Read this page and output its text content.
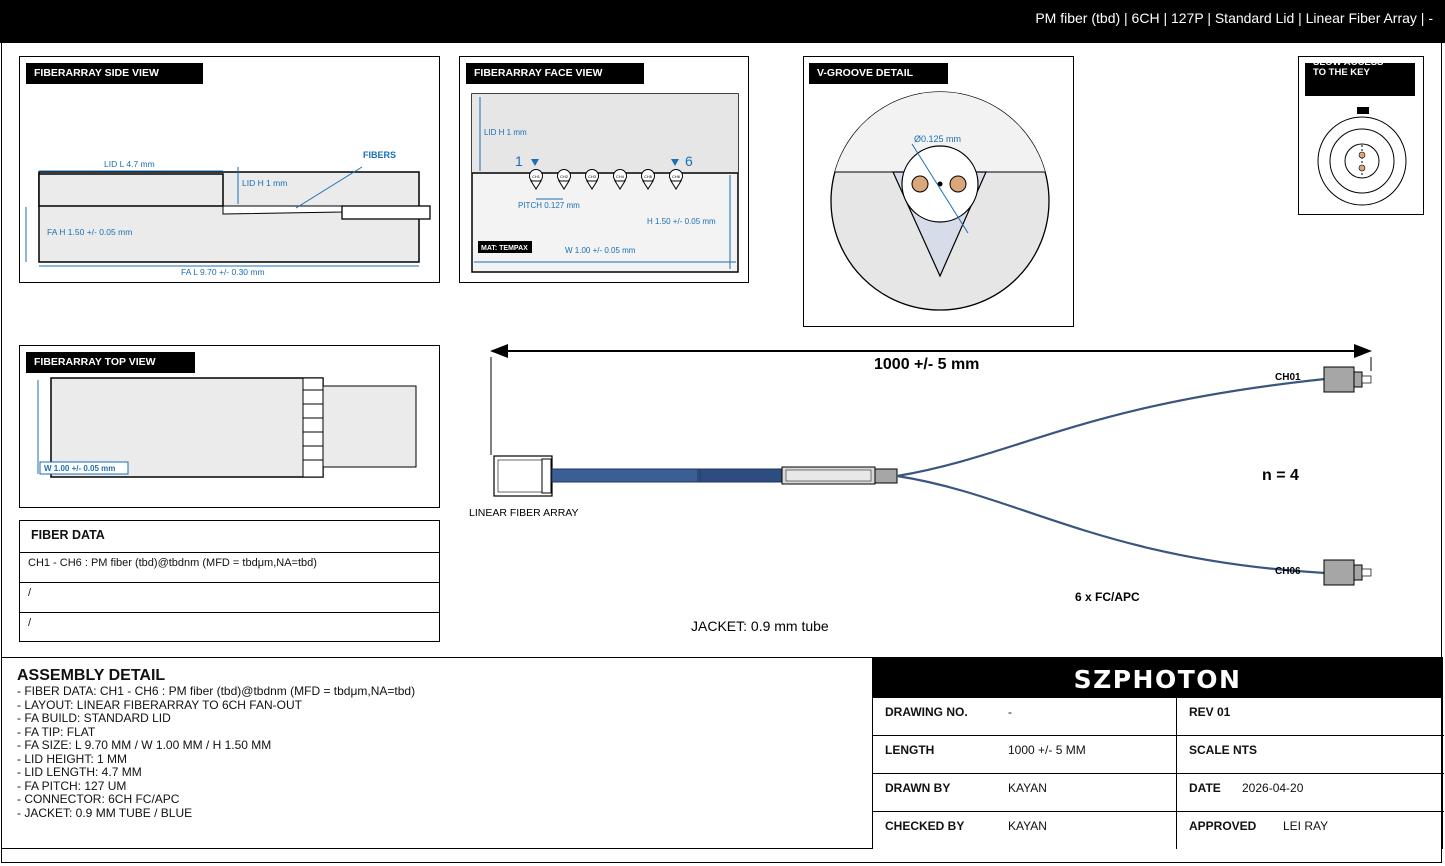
PM fiber (tbd) | 6CH | 127P | Standard Lid | Linear Fiber Array | -
FIBERARRAY SIDE VIEW
LID L 4.7 mm
LID H 1 mm
FIBERS
FA H 1.50 +/- 0.05 mm
FA L 9.70 +/- 0.30 mm
FIBERARRAY FACE VIEW
LID H 1 mm
1	6
CH1	CH2	CH3	CH4	CH5	CH6
PITCH 0.127 mm
H 1.50 +/- 0.05 mm
MAT: TEMPAX	W 1.00 +/- 0.05 mm
V-GROOVE DETAIL
Ø0.125 mm
SLOW ACCESS
TO THE KEY
FIBERARRAY TOP VIEW
W 1.00 +/- 0.05 mm
1000 +/- 5 mm
CH01
CH06
n = 4
LINEAR FIBER ARRAY
6 x FC/APC
JACKET: 0.9 mm tube
FIBER DATA
CH1 - CH6 : PM fiber (tbd)@tbdnm (MFD = tbdμm,NA=tbd)
/
/
ASSEMBLY DETAIL
- FIBER DATA: CH1 - CH6 : PM fiber (tbd)@tbdnm (MFD = tbdμm,NA=tbd)
- LAYOUT: LINEAR FIBERARRAY TO 6CH FAN-OUT
- FA BUILD: STANDARD LID
- FA TIP: FLAT
- FA SIZE: L 9.70 MM / W 1.00 MM / H 1.50 MM
- LID HEIGHT: 1 MM
- LID LENGTH: 4.7 MM
- FA PITCH: 127 UM
- CONNECTOR: 6CH FC/APC
- JACKET: 0.9 MM TUBE / BLUE
SZPHOTON
DRAWING NO.	-	REV 01
LENGTH	1000 +/- 5 MM	SCALE NTS
DRAWN BY	KAYAN	DATE 2026-04-20
CHECKED BY	KAYAN	APPROVED LEI RAY
